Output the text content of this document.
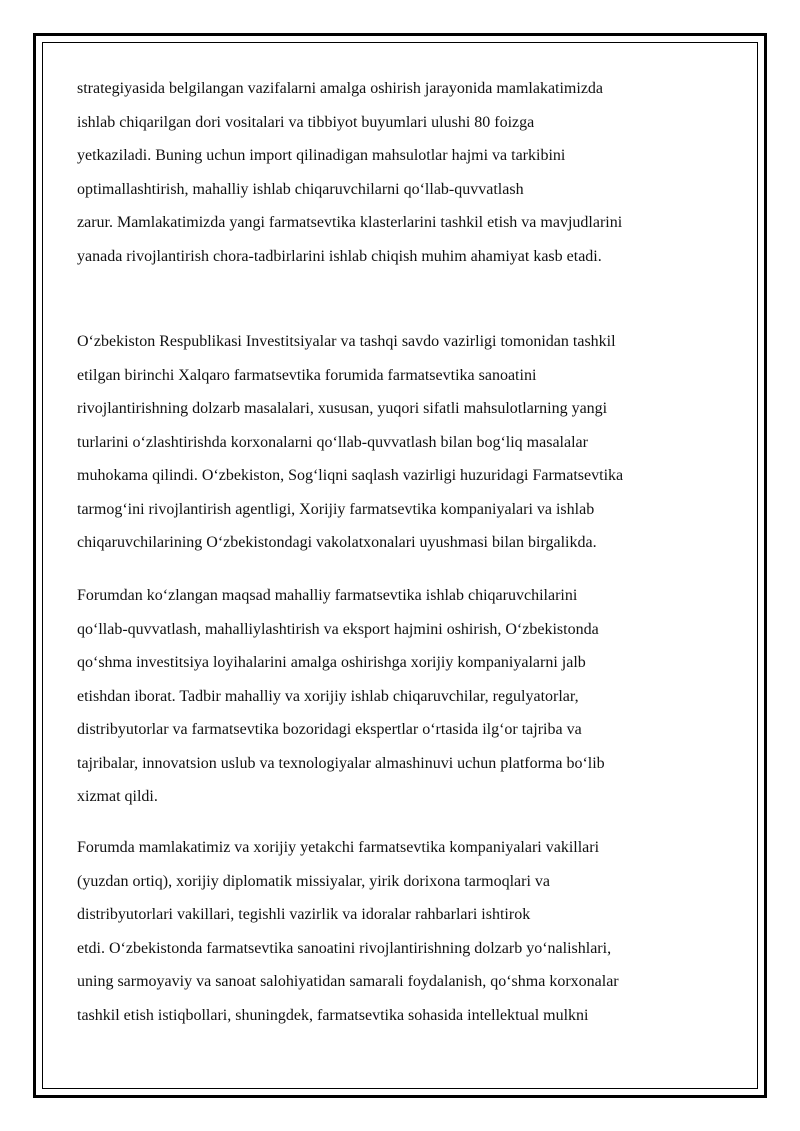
strategiyasida belgilangan vazifalarni amalga oshirish jarayonida mamlakatimizda
ishlab chiqarilgan dori vositalari va tibbiyot buyumlari ulushi 80 foizga
yetkaziladi. Buning uchun import qilinadigan mahsulotlar hajmi va tarkibini
optimallashtirish, mahalliy ishlab chiqaruvchilarni qo‘llab-quvvatlash
zarur. Mamlakatimizda yangi farmatsevtika klasterlarini tashkil etish va mavjudlarini
yanada rivojlantirish chora-tadbirlarini ishlab chiqish muhim ahamiyat kasb etadi.
O‘zbekiston Respublikasi Investitsiyalar va tashqi savdo vazirligi tomonidan tashkil
etilgan birinchi Xalqaro farmatsevtika forumida farmatsevtika sanoatini
rivojlantirishning dolzarb masalalari, xususan, yuqori sifatli mahsulotlarning yangi
turlarini o‘zlashtirishda korxonalarni qo‘llab-quvvatlash bilan bog‘liq masalalar
muhokama qilindi. O‘zbekiston, Sog‘liqni saqlash vazirligi huzuridagi Farmatsevtika
tarmog‘ini rivojlantirish agentligi, Xorijiy farmatsevtika kompaniyalari va ishlab
chiqaruvchilarining O‘zbekistondagi vakolatxonalari uyushmasi bilan birgalikda.
Forumdan ko‘zlangan maqsad mahalliy farmatsevtika ishlab chiqaruvchilarini
qo‘llab-quvvatlash, mahalliylashtirish va eksport hajmini oshirish, O‘zbekistonda
qo‘shma investitsiya loyihalarini amalga oshirishga xorijiy kompaniyalarni jalb
etishdan iborat. Tadbir mahalliy va xorijiy ishlab chiqaruvchilar, regulyatorlar,
distribyutorlar va farmatsevtika bozoridagi ekspertlar o‘rtasida ilg‘or tajriba va
tajribalar, innovatsion uslub va texnologiyalar almashinuvi uchun platforma bo‘lib
xizmat qildi.
Forumda mamlakatimiz va xorijiy yetakchi farmatsevtika kompaniyalari vakillari
(yuzdan ortiq), xorijiy diplomatik missiyalar, yirik dorixona tarmoqlari va
distribyutorlari vakillari, tegishli vazirlik va idoralar rahbarlari ishtirok
etdi. O‘zbekistonda farmatsevtika sanoatini rivojlantirishning dolzarb yo‘nalishlari,
uning sarmoyaviy va sanoat salohiyatidan samarali foydalanish, qo‘shma korxonalar
tashkil etish istiqbollari, shuningdek, farmatsevtika sohasida intellektual mulkni
